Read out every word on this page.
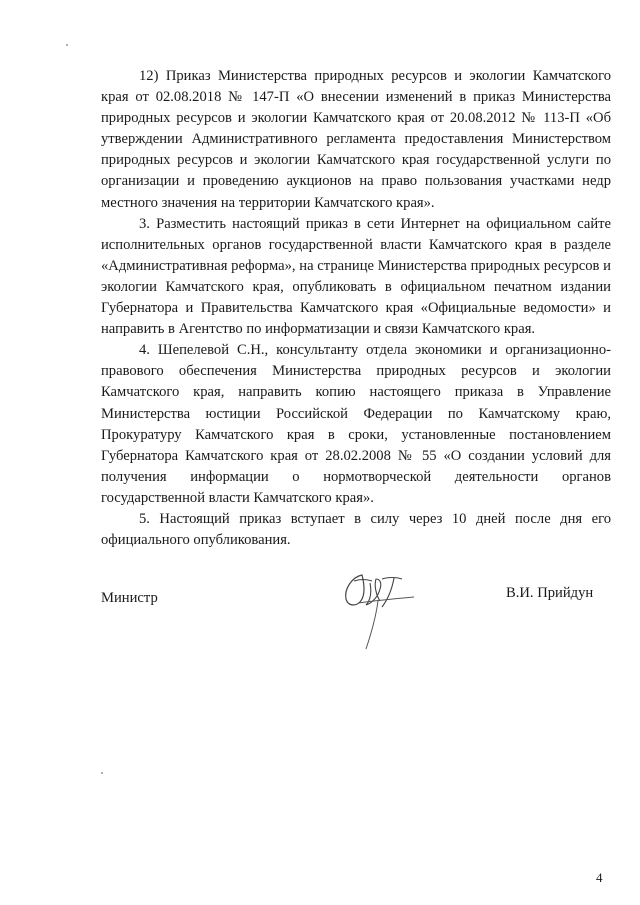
12) Приказ Министерства природных ресурсов и экологии Камчатского края от 02.08.2018 № 147-П «О внесении изменений в приказ Министерства природных ресурсов и экологии Камчатского края от 20.08.2012 № 113-П «Об утверждении Административного регламента предоставления Министерством природных ресурсов и экологии Камчатского края государственной услуги по организации и проведению аукционов на право пользования участками недр местного значения на территории Камчатского края».

3. Разместить настоящий приказ в сети Интернет на официальном сайте исполнительных органов государственной власти Камчатского края в разделе «Административная реформа», на странице Министерства природных ресурсов и экологии Камчатского края, опубликовать в официальном печатном издании Губернатора и Правительства Камчатского края «Официальные ведомости» и направить в Агентство по информатизации и связи Камчатского края.

4. Шепелевой С.Н., консультанту отдела экономики и организационно-правового обеспечения Министерства природных ресурсов и экологии Камчатского края, направить копию настоящего приказа в Управление Министерства юстиции Российской Федерации по Камчатскому краю, Прокуратуру Камчатского края в сроки, установленные постановлением Губернатора Камчатского края от 28.02.2008 № 55 «О создании условий для получения информации о нормотворческой деятельности органов государственной власти Камчатского края».

5. Настоящий приказ вступает в силу через 10 дней после дня его официального опубликования.

Министр	В.И. Прийдун
4
